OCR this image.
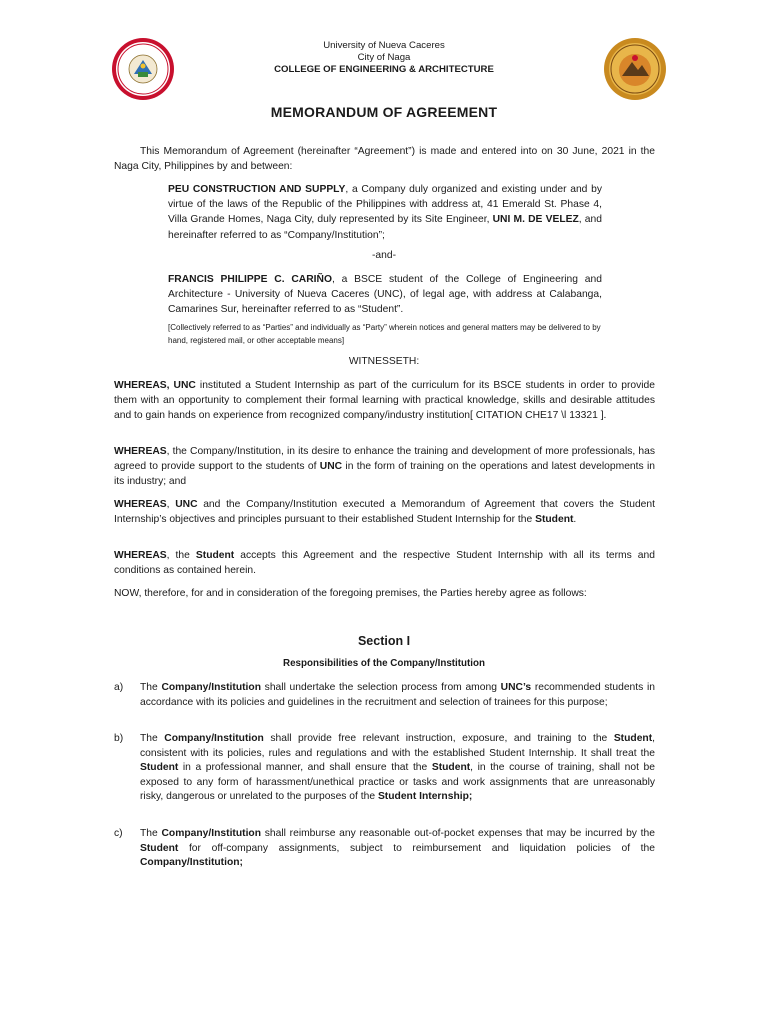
University of Nueva Caceres
City of Naga
COLLEGE OF ENGINEERING & ARCHITECTURE
MEMORANDUM OF AGREEMENT

This Memorandum of Agreement (hereinafter “Agreement”) is made and entered into on 30 June, 2021 in the Naga City, Philippines by and between:

PEU CONSTRUCTION AND SUPPLY, a Company duly organized and existing under and by virtue of the laws of the Republic of the Philippines with address at, 41 Emerald St. Phase 4, Villa Grande Homes, Naga City, duly represented by its Site Engineer, UNI M. DE VELEZ, and hereinafter referred to as “Company/Institution”;
-and-
FRANCIS PHILIPPE C. CARIÑO, a BSCE student of the College of Engineering and Architecture - University of Nueva Caceres (UNC), of legal age, with address at Calabanga, Camarines Sur, hereinafter referred to as “Student”.
[Collectively referred to as “Parties” and individually as “Party” wherein notices and general matters may be delivered to by hand, registered mail, or other acceptable means]
WITNESSETH:
WHEREAS, UNC instituted a Student Internship as part of the curriculum for its BSCE students in order to provide them with an opportunity to complement their formal learning with practical knowledge, skills and desirable attitudes and to gain hands on experience from recognized company/industry institution[ CITATION CHE17 \l 13321 ].
WHEREAS, the Company/Institution, in its desire to enhance the training and development of more professionals, has agreed to provide support to the students of UNC in the form of training on the operations and latest developments in its industry; and
WHEREAS, UNC and the Company/Institution executed a Memorandum of Agreement that covers the Student Internship’s objectives and principles pursuant to their established Student Internship for the Student.
WHEREAS, the Student accepts this Agreement and the respective Student Internship with all its terms and conditions as contained herein.
NOW, therefore, for and in consideration of the foregoing premises, the Parties hereby agree as follows:
Section I
Responsibilities of the Company/Institution
a) The Company/Institution shall undertake the selection process from among UNC’s recommended students in accordance with its policies and guidelines in the recruitment and selection of trainees for this purpose;
b) The Company/Institution shall provide free relevant instruction, exposure, and training to the Student, consistent with its policies, rules and regulations and with the established Student Internship. It shall treat the Student in a professional manner, and shall ensure that the Student, in the course of training, shall not be exposed to any form of harassment/unethical practice or tasks and work assignments that are unreasonably risky, dangerous or unrelated to the purposes of the Student Internship;
c) The Company/Institution shall reimburse any reasonable out-of-pocket expenses that may be incurred by the Student for off-company assignments, subject to reimbursement and liquidation policies of the Company/Institution;
